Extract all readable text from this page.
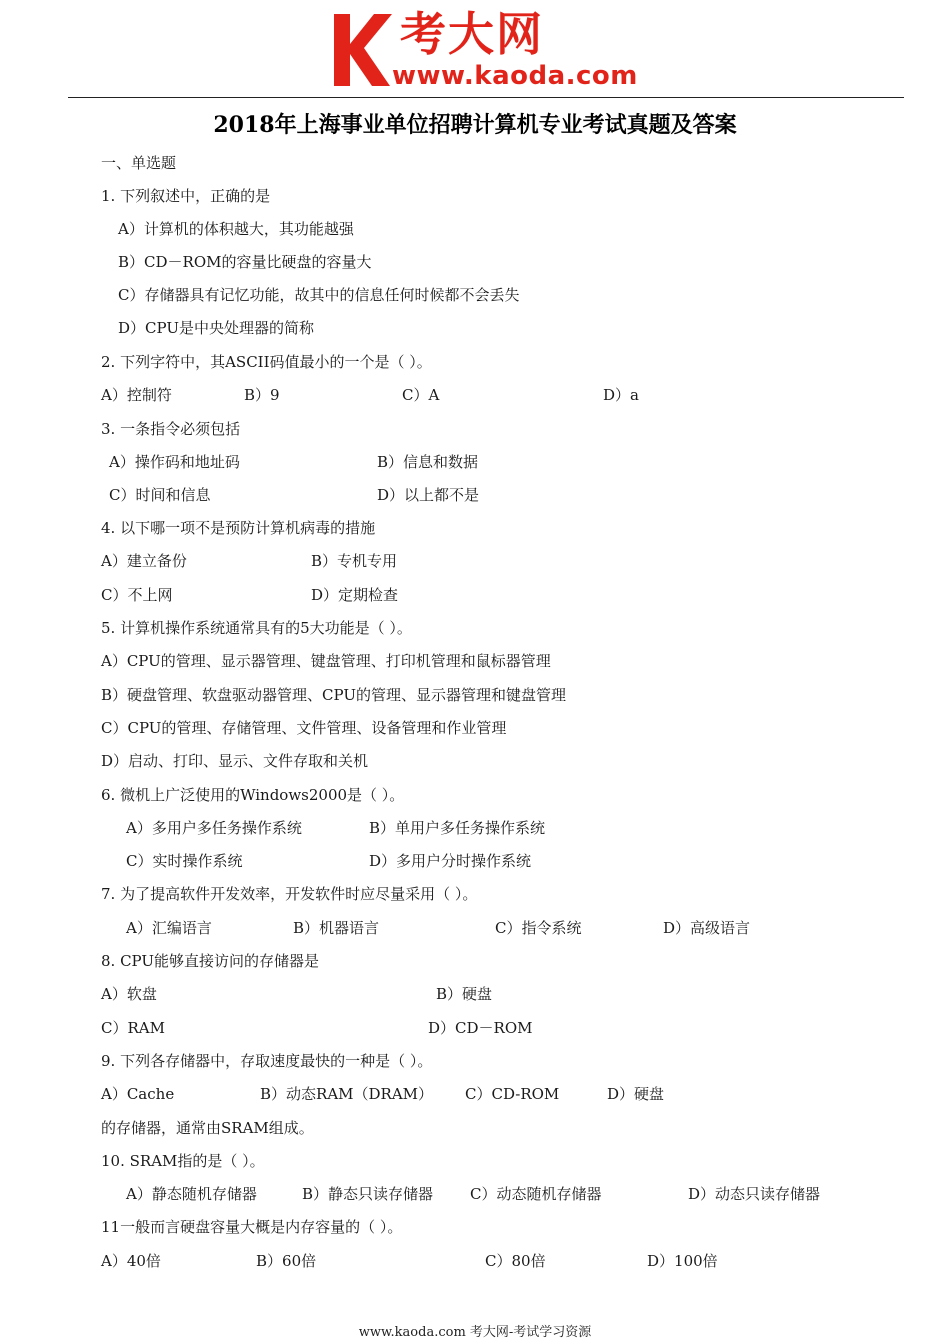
考大网
www.kaoda.com
2018年上海事业单位招聘计算机专业考试真题及答案
一、单选题
1. 下列叙述中，正确的是
A）计算机的体积越大，其功能越强
B）CD－ROM的容量比硬盘的容量大
C）存储器具有记忆功能，故其中的信息任何时候都不会丢失
D）CPU是中央处理器的简称
2. 下列字符中，其ASCII码值最小的一个是（ ）。
A）控制符	B）9	C）A	D）a
3. 一条指令必须包括
A）操作码和地址码	B）信息和数据
C）时间和信息	D）以上都不是
4. 以下哪一项不是预防计算机病毒的措施
A）建立备份	B）专机专用
C）不上网	D）定期检查
5. 计算机操作系统通常具有的5大功能是（ ）。
A）CPU的管理、显示器管理、键盘管理、打印机管理和鼠标器管理
B）硬盘管理、软盘驱动器管理、CPU的管理、显示器管理和键盘管理
C）CPU的管理、存储管理、文件管理、设备管理和作业管理
D）启动、打印、显示、文件存取和关机
6. 微机上广泛使用的Windows2000是（ ）。
A）多用户多任务操作系统	B）单用户多任务操作系统
C）实时操作系统	D）多用户分时操作系统
7. 为了提高软件开发效率，开发软件时应尽量采用（ ）。
A）汇编语言	B）机器语言	C）指令系统	D）高级语言
8. CPU能够直接访问的存储器是
A）软盘	B）硬盘
C）RAM	D）CD－ROM
9. 下列各存储器中，存取速度最快的一种是（ ）。
A）Cache	B）动态RAM（DRAM） C）CD-ROM	D）硬盘
的存储器，通常由SRAM组成。
10. SRAM指的是（ ）。
A）静态随机存储器	B）静态只读存储器 C）动态随机存储器	D）动态只读存储器
11一般而言硬盘容量大概是内存容量的（ ）。
A）40倍	B）60倍	C）80倍	D）100倍
www.kaoda.com 考大网-考试学习资源
